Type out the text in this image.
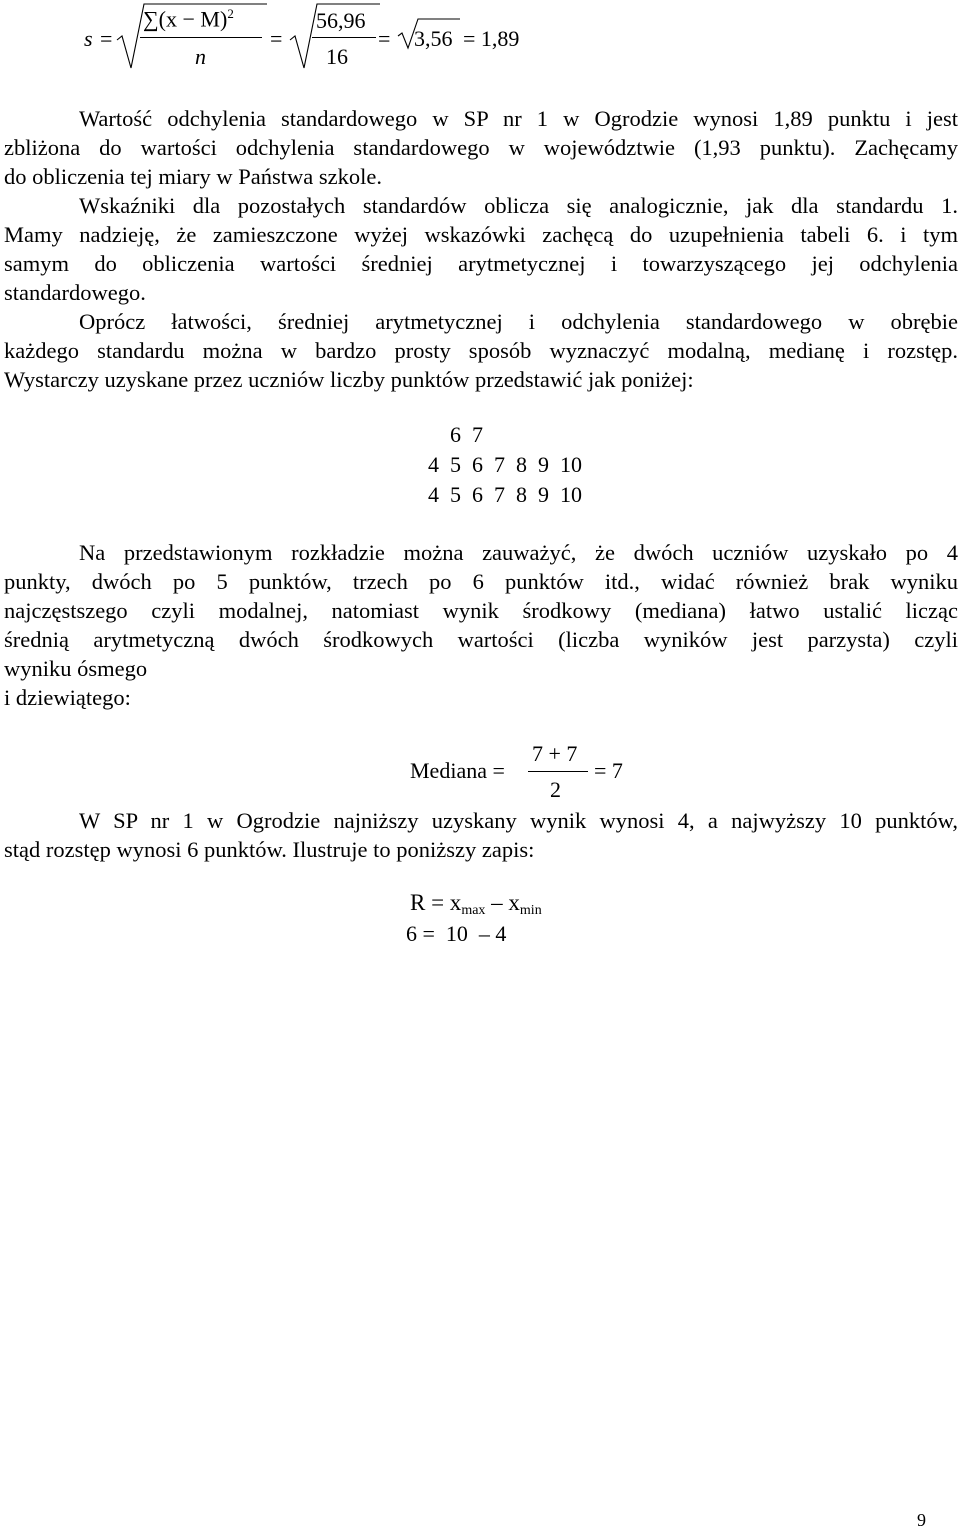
s =
$\sum(x - M)^2$
n
=
56,96
16
= 3,56 = 1,89
Wartość odchylenia standardowego w SP nr 1 w Ogrodzie wynosi 1,89 punktu i jest
zbliżona do wartości odchylenia standardowego w województwie (1,93 punktu). Zachęcamy
do obliczenia tej miary w Państwa szkole.
Wskaźniki dla pozostałych standardów oblicza się analogicznie, jak dla standardu 1.
Mamy nadzieję, że zamieszczone wyżej wskazówki zachęcą do uzupełnienia tabeli 6. i tym
samym do obliczenia wartości średniej arytmetycznej i towarzyszącego jej odchylenia
standardowego.
Oprócz łatwości, średniej arytmetycznej i odchylenia standardowego w obrębie
każdego standardu można w bardzo prosty sposób wyznaczyć modalną, medianę i rozstęp.
Wystarczy uzyskane przez uczniów liczby punktów przedstawić jak poniżej:
6  7
4  5  6  7  8  9  10
4  5  6  7  8  9  10
Na przedstawionym rozkładzie można zauważyć, że dwóch uczniów uzyskało po 4
punkty, dwóch po 5 punktów, trzech po 6 punktów itd., widać również brak wyniku
najczęstszego czyli modalnej, natomiast wynik środkowy (mediana) łatwo ustalić licząc
średnią arytmetyczną dwóch środkowych wartości (liczba wyników jest parzysta) czyli
wyniku ósmego
i dziewiątego:
Mediana =
7 + 7
2
= 7
W SP nr 1 w Ogrodzie najniższy uzyskany wynik wynosi 4, a najwyższy 10 punktów,
stąd rozstęp wynosi 6 punktów. Ilustruje to poniższy zapis:
$R = x_{max} - x_{min}$
6 =  10  – 4
9
